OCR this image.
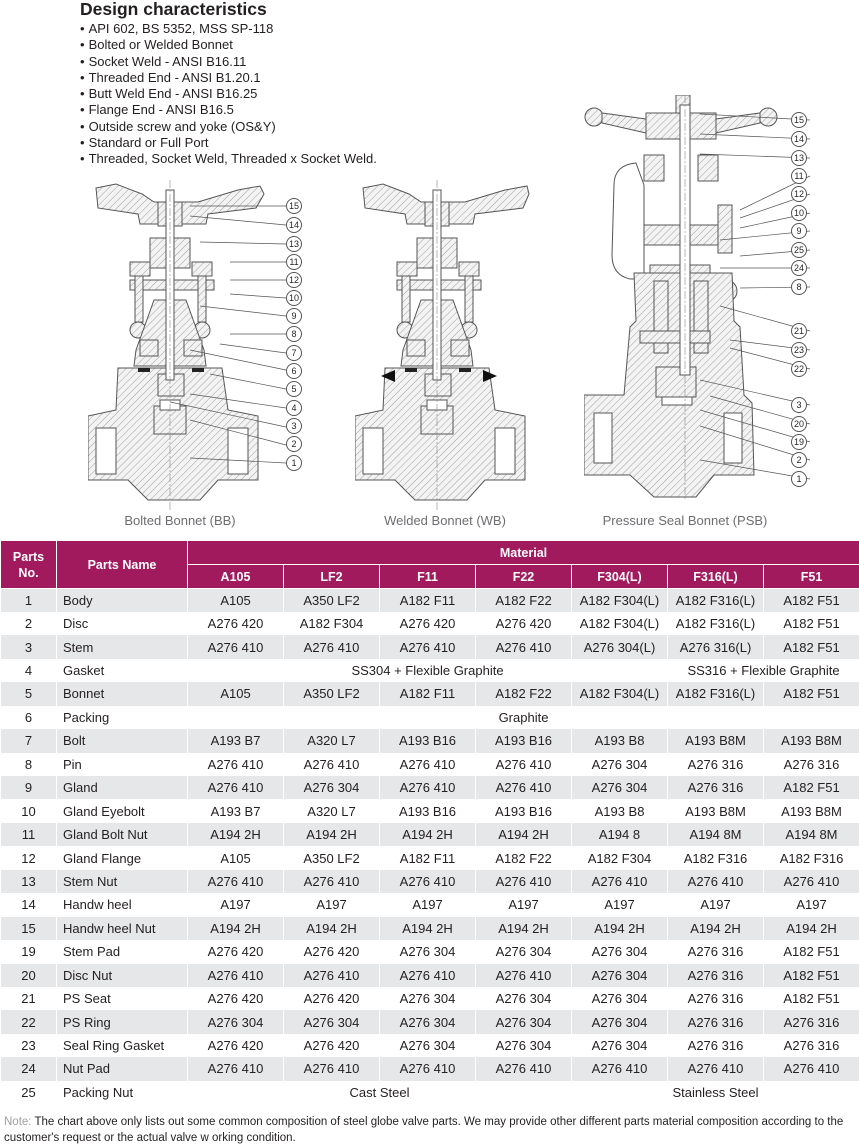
Design characteristics
• API 602, BS 5352, MSS SP-118
• Bolted or Welded Bonnet
• Socket Weld - ANSI B16.11
• Threaded End - ANSI B1.20.1
• Butt Weld End - ANSI B16.25
• Flange End - ANSI B16.5
• Outside screw and yoke (OS&Y)
• Standard or Full Port
• Threaded, Socket Weld, Threaded x Socket Weld.
15
14
13
11
12
10
9
8
7
6
5
4
3
2
1
Bolted Bonnet (BB)	Welded Bonnet (WB)
15
14
13
11
12
10
9
25
24
8
21
23
22
3
20
19
2
1
Pressure Seal Bonnet (PSB)
Parts
No.	Parts Name	Material						
		A105	LF2	F11	F22	F304(L)	F316(L)	F51
1	Body	A105	A350 LF2	A182 F11	A182 F22	A182 F304(L)	A182 F316(L)	A182 F51
2	Disc	A276 420	A182 F304	A276 420	A276 420	A182 F304(L)	A182 F316(L)	A182 F51
3	Stem	A276 410	A276 410	A276 410	A276 410	A276 304(L)	A276 316(L)	A182 F51
4	Gasket	SS304 + Flexible Graphite					SS316 + Flexible Graphite	
5	Bonnet	A105	A350 LF2	A182 F11	A182 F22	A182 F304(L)	A182 F316(L)	A182 F51
6	Packing	Graphite						
7	Bolt	A193 B7	A320 L7	A193 B16	A193 B16	A193 B8	A193 B8M	A193 B8M
8	Pin	A276 410	A276 410	A276 410	A276 410	A276 304	A276 316	A276 316
9	Gland	A276 410	A276 304	A276 410	A276 410	A276 304	A276 316	A182 F51
10	Gland Eyebolt	A193 B7	A320 L7	A193 B16	A193 B16	A193 B8	A193 B8M	A193 B8M
11	Gland Bolt Nut	A194 2H	A194 2H	A194 2H	A194 2H	A194 8	A194 8M	A194 8M
12	Gland Flange	A105	A350 LF2	A182 F11	A182 F22	A182 F304	A182 F316	A182 F316
13	Stem Nut	A276 410	A276 410	A276 410	A276 410	A276 410	A276 410	A276 410
14	Handw heel	A197	A197	A197	A197	A197	A197	A197
15	Handw heel Nut	A194 2H	A194 2H	A194 2H	A194 2H	A194 2H	A194 2H	A194 2H
19	Stem Pad	A276 420	A276 420	A276 304	A276 304	A276 304	A276 316	A182 F51
20	Disc Nut	A276 410	A276 410	A276 410	A276 410	A276 304	A276 316	A182 F51
21	PS Seat	A276 420	A276 420	A276 304	A276 304	A276 304	A276 316	A182 F51
22	PS Ring	A276 304	A276 304	A276 304	A276 304	A276 304	A276 316	A276 316
23	Seal Ring Gasket	A276 420	A276 420	A276 304	A276 304	A276 304	A276 316	A276 316
24	Nut Pad	A276 410	A276 410	A276 410	A276 410	A276 410	A276 410	A276 410
25	Packing Nut	Cast Steel				Stainless Steel		
Note: The chart above only lists out some common composition of steel globe valve parts. We may provide other different parts material composition according to the customer's request or the actual valve w orking condition.
